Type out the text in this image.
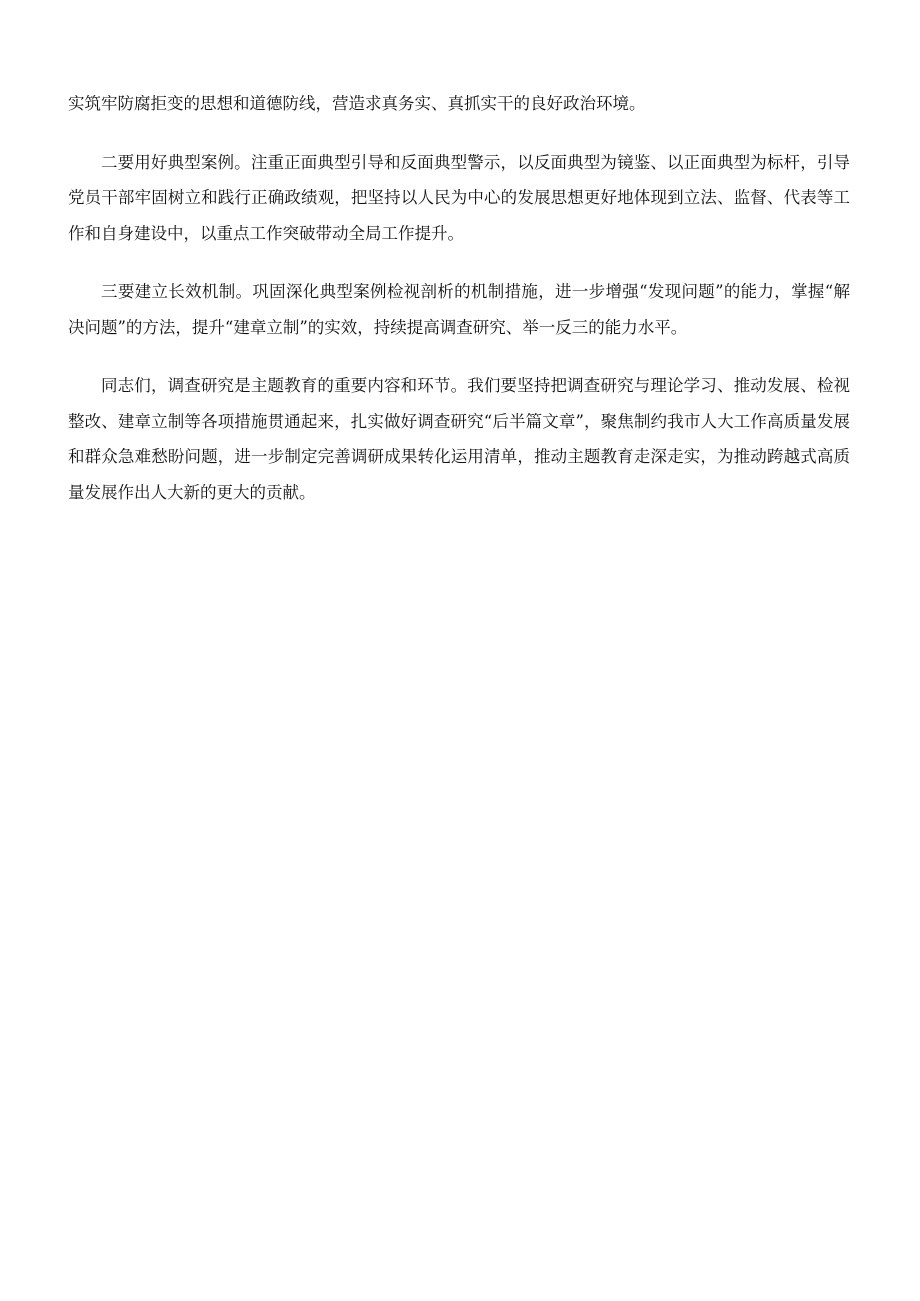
实筑牢防腐拒变的思想和道德防线，营造求真务实、真抓实干的良好政治环境。

二要用好典型案例。注重正面典型引导和反面典型警示，以反面典型为镜鉴、以正面典型为标杆，引导党员干部牢固树立和践行正确政绩观，把坚持以人民为中心的发展思想更好地体现到立法、监督、代表等工作和自身建设中，以重点工作突破带动全局工作提升。

三要建立长效机制。巩固深化典型案例检视剖析的机制措施，进一步增强“发现问题”的能力，掌握“解决问题”的方法，提升“建章立制”的实效，持续提高调查研究、举一反三的能力水平。

同志们，调查研究是主题教育的重要内容和环节。我们要坚持把调查研究与理论学习、推动发展、检视整改、建章立制等各项措施贯通起来，扎实做好调查研究“后半篇文章”，聚焦制约我市人大工作高质量发展和群众急难愁盼问题，进一步制定完善调研成果转化运用清单，推动主题教育走深走实，为推动跨越式高质量发展作出人大新的更大的贡献。
